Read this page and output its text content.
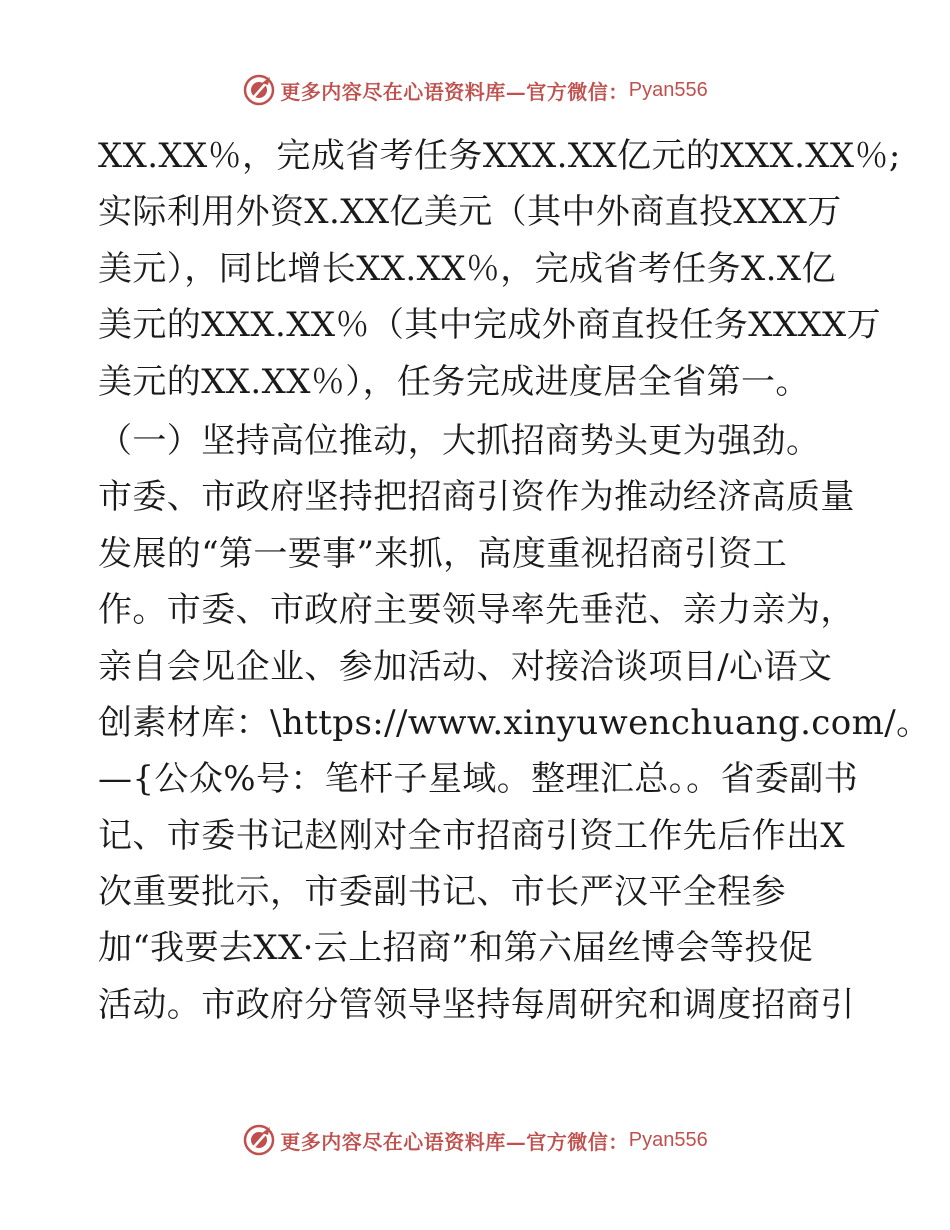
更多内容尽在心语资料库—官方微信： Pyan556
XX.XX％，完成省考任务XXX.XX亿元的XXX.XX％;
实际利用外资X.XX亿美元（其中外商直投XXX万
美元），同比增长XX.XX％，完成省考任务X.X亿
美元的XXX.XX％（其中完成外商直投任务XXXX万
美元的XX.XX％），任务完成进度居全省第一。
（一）坚持高位推动，大抓招商势头更为强劲。
市委、市政府坚持把招商引资作为推动经济高质量
发展的“第一要事”来抓，高度重视招商引资工
作。市委、市政府主要领导率先垂范、亲力亲为，
亲自会见企业、参加活动、对接洽谈项目/心语文
创素材库：\https://www.xinyuwenchuang.com/。
—{公众%号：笔杆子星域。整理汇总。。省委副书
记、市委书记赵刚对全市招商引资工作先后作出X
次重要批示，市委副书记、市长严汉平全程参
加“我要去XX·云上招商”和第六届丝博会等投促
活动。市政府分管领导坚持每周研究和调度招商引
更多内容尽在心语资料库—官方微信： Pyan556
